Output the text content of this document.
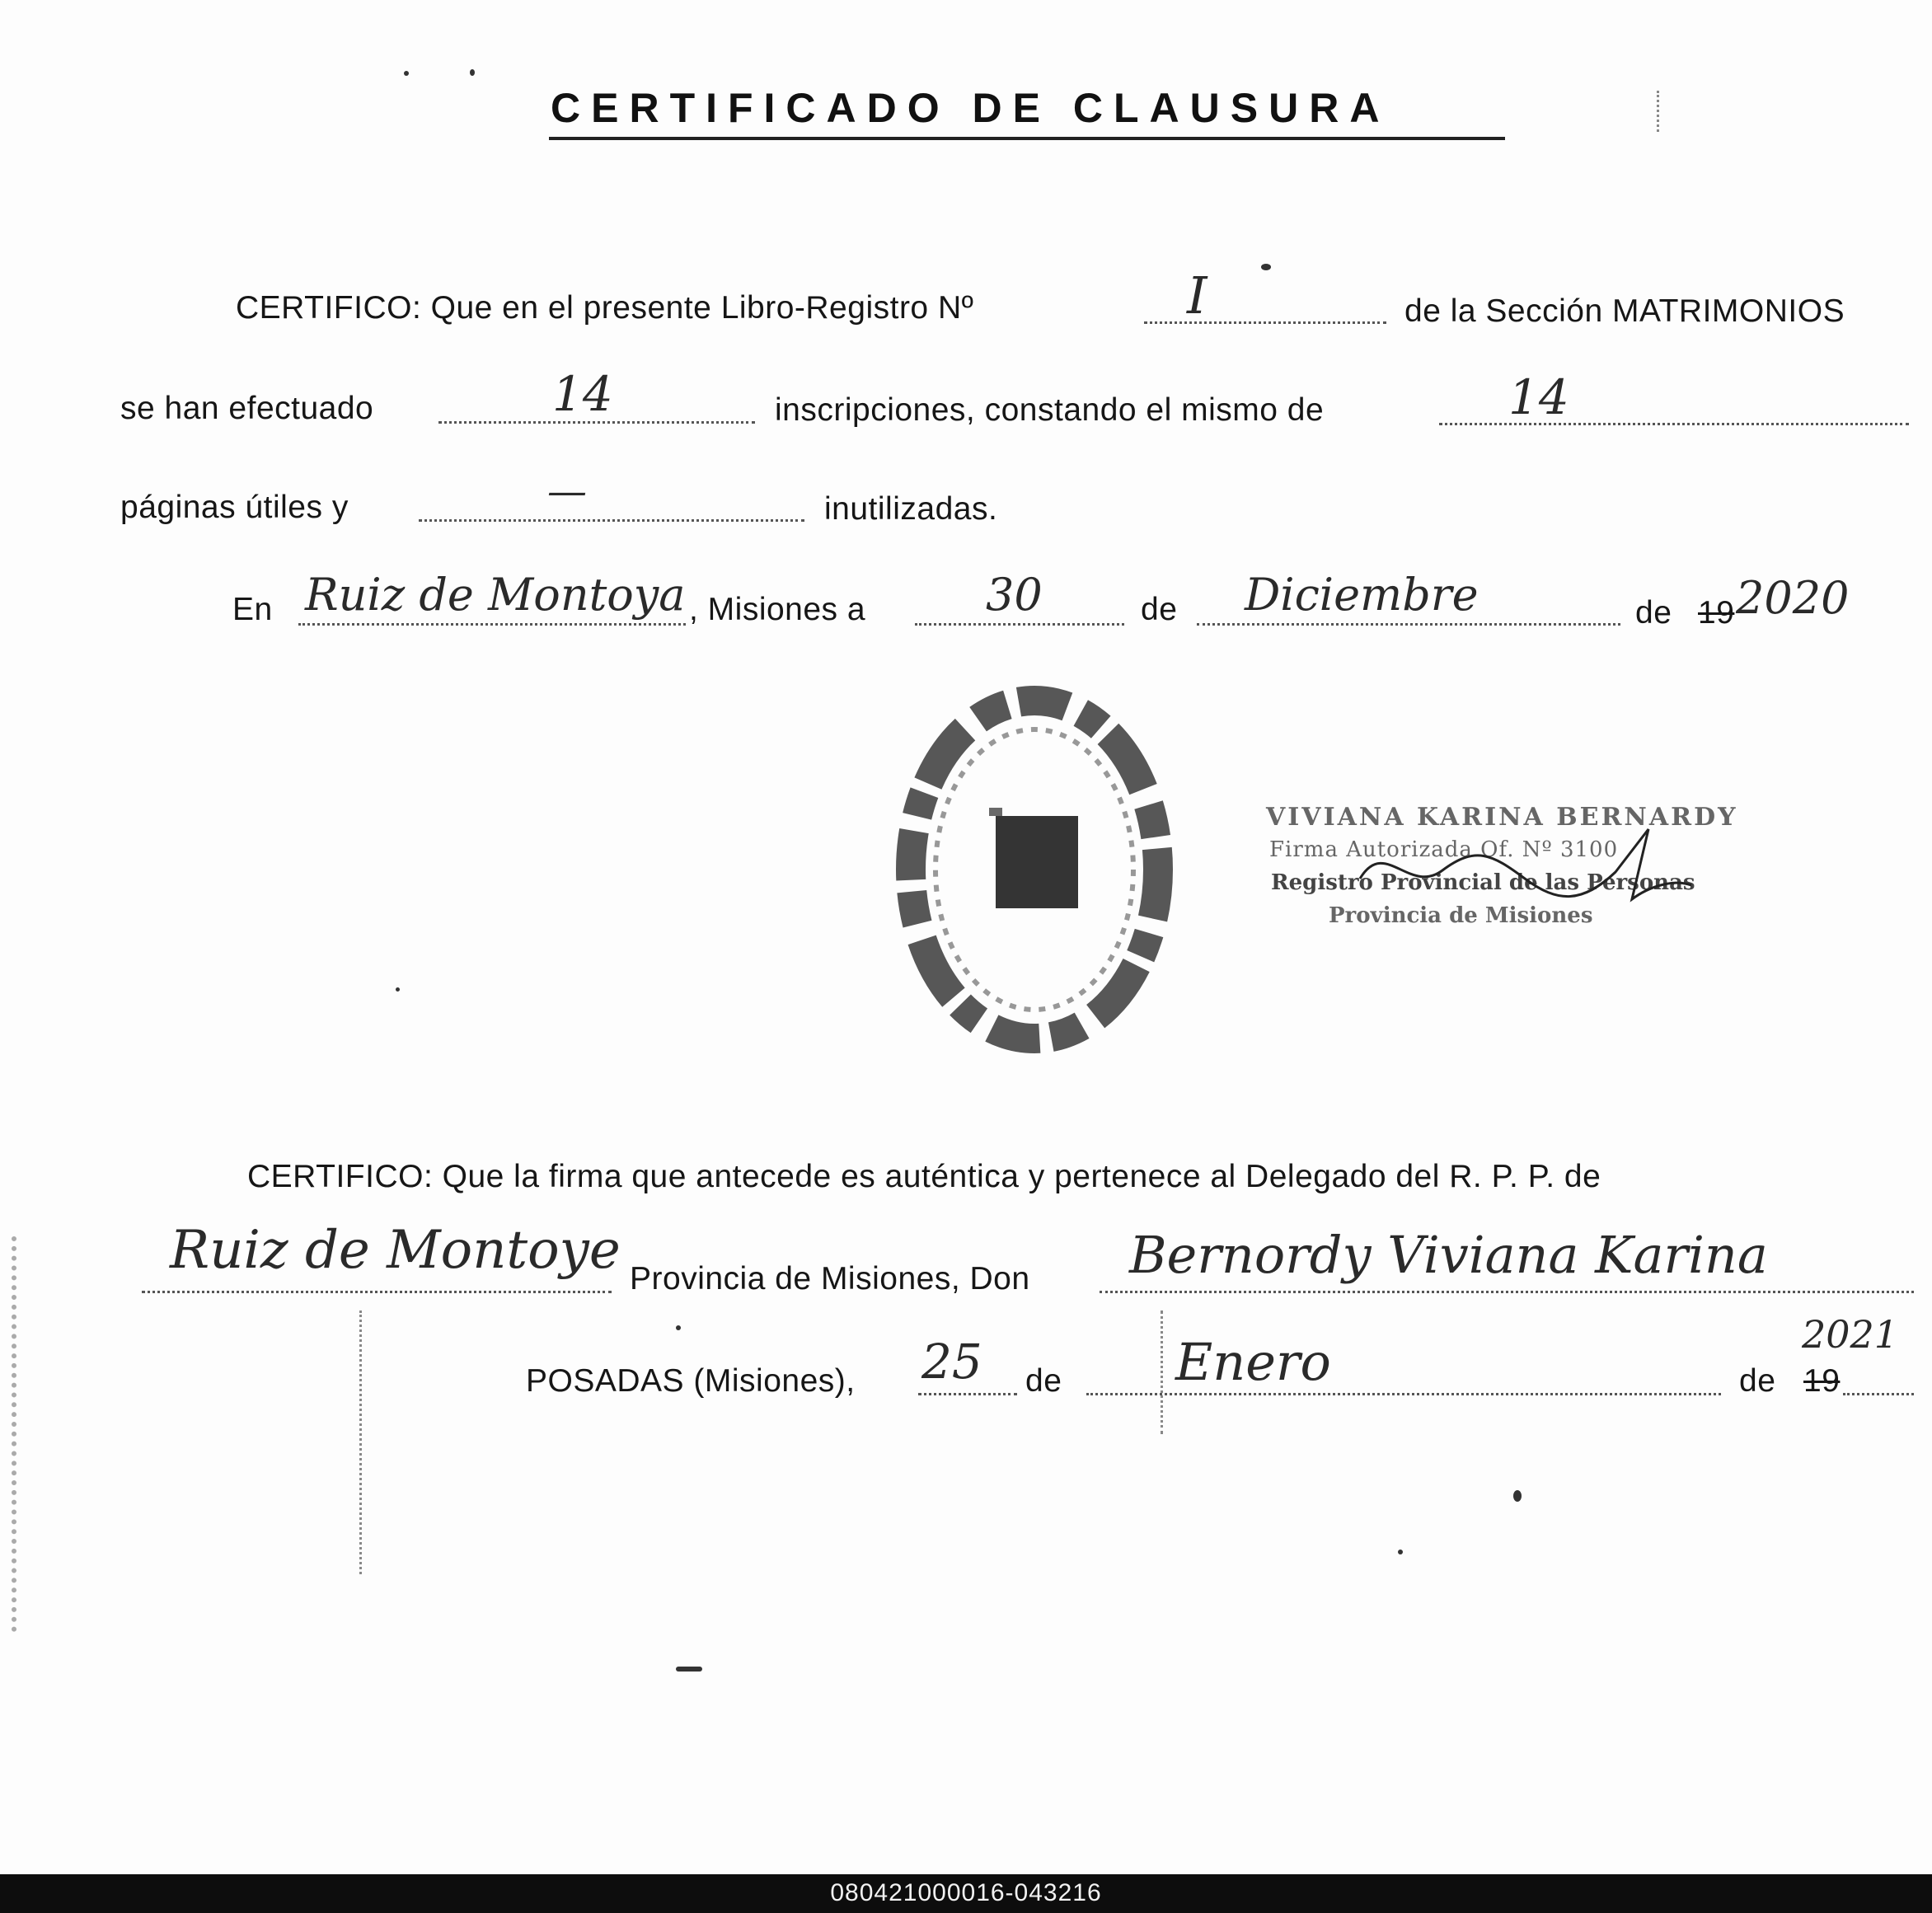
CERTIFICADO DE CLAUSURA
CERTIFICO: Que en el presente Libro-Registro Nº	I	de la Sección MATRIMONIOS
se han efectuado	14	inscripciones, constando el mismo de	14
páginas útiles y	—	inutilizadas.
En Ruiz de Montoya , Misiones a	30	de Diciembre	de 19 2020
VIVIANA KARINA BERNARDY
Firma Autorizada Of. Nº 3100
Registro Provincial de las Personas
Provincia de Misiones
CERTIFICO: Que la firma que antecede es auténtica y pertenece al Delegado del R. P. P. de
Ruiz de Montoye Provincia de Misiones, Don Bernordy Viviana Karina
POSADAS (Misiones), 25 de Enero	de 19
2021
080421000016-043216
